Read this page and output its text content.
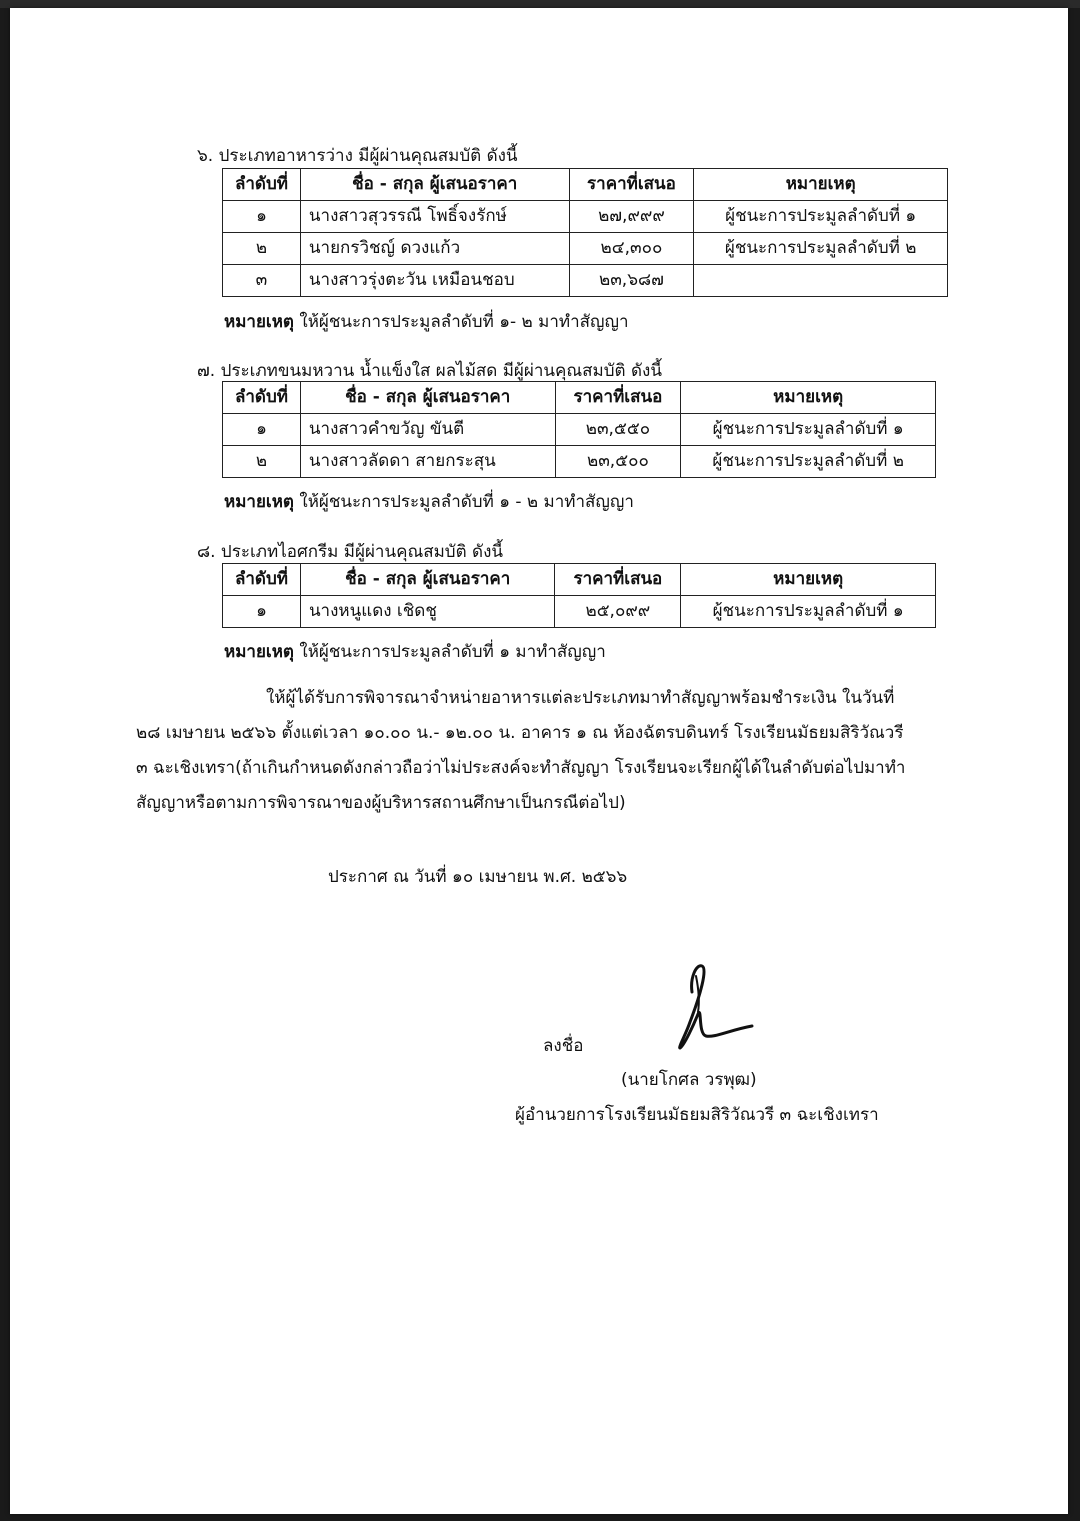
๖. ประเภทอาหารว่าง มีผู้ผ่านคุณสมบัติ ดังนี้
ลำดับที่	ชื่อ - สกุล ผู้เสนอราคา	ราคาที่เสนอ	หมายเหตุ
๑	นางสาวสุวรรณี โพธิ์จงรักษ์	๒๗,๙๙๙	ผู้ชนะการประมูลลำดับที่ ๑
๒	นายกรวิชญ์ ดวงแก้ว	๒๔,๓๐๐	ผู้ชนะการประมูลลำดับที่ ๒
๓	นางสาวรุ่งตะวัน เหมือนชอบ	๒๓,๖๘๗	
หมายเหตุ ให้ผู้ชนะการประมูลลำดับที่ ๑- ๒ มาทำสัญญา
๗. ประเภทขนมหวาน น้ำแข็งใส ผลไม้สด มีผู้ผ่านคุณสมบัติ ดังนี้
ลำดับที่	ชื่อ - สกุล ผู้เสนอราคา	ราคาที่เสนอ	หมายเหตุ
๑	นางสาวคำขวัญ ขันตี	๒๓,๕๕๐	ผู้ชนะการประมูลลำดับที่ ๑
๒	นางสาวลัดดา สายกระสุน	๒๓,๕๐๐	ผู้ชนะการประมูลลำดับที่ ๒
หมายเหตุ ให้ผู้ชนะการประมูลลำดับที่ ๑ - ๒ มาทำสัญญา
๘. ประเภทไอศกรีม มีผู้ผ่านคุณสมบัติ ดังนี้
ลำดับที่	ชื่อ - สกุล ผู้เสนอราคา	ราคาที่เสนอ	หมายเหตุ
๑	นางหนูแดง เชิดชู	๒๕,๐๙๙	ผู้ชนะการประมูลลำดับที่ ๑
หมายเหตุ ให้ผู้ชนะการประมูลลำดับที่ ๑ มาทำสัญญา
ให้ผู้ได้รับการพิจารณาจำหน่ายอาหารแต่ละประเภทมาทำสัญญาพร้อมชำระเงิน ในวันที่
๒๘ เมษายน ๒๕๖๖ ตั้งแต่เวลา ๑๐.๐๐ น.- ๑๒.๐๐ น. อาคาร ๑ ณ ห้องฉัตรบดินทร์ โรงเรียนมัธยมสิริวัณวรี
๓ ฉะเชิงเทรา(ถ้าเกินกำหนดดังกล่าวถือว่าไม่ประสงค์จะทำสัญญา โรงเรียนจะเรียกผู้ได้ในลำดับต่อไปมาทำ
สัญญาหรือตามการพิจารณาของผู้บริหารสถานศึกษาเป็นกรณีต่อไป)
ประกาศ ณ วันที่ ๑๐ เมษายน พ.ศ. ๒๕๖๖
ลงชื่อ
(นายโกศล วรพุฒ)
ผู้อำนวยการโรงเรียนมัธยมสิริวัณวรี ๓ ฉะเชิงเทรา
